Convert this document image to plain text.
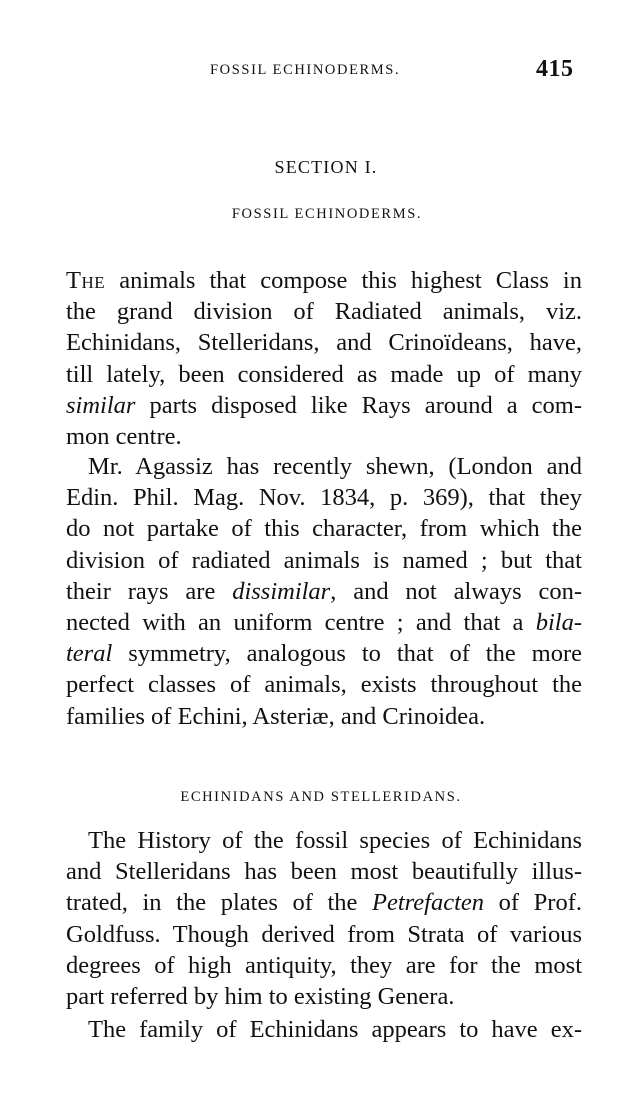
FOSSIL ECHINODERMS.	415
SECTION I.
FOSSIL ECHINODERMS.
The animals that compose this highest Class in
the grand division of Radiated animals, viz.
Echinidans, Stelleridans, and Crinoïdeans, have,
till lately, been considered as made up of many
similar parts disposed like Rays around a com-
mon centre.
Mr. Agassiz has recently shewn, (London and
Edin. Phil. Mag. Nov. 1834, p. 369), that they
do not partake of this character, from which the
division of radiated animals is named ; but that
their rays are dissimilar, and not always con-
nected with an uniform centre ; and that a bila-
teral symmetry, analogous to that of the more
perfect classes of animals, exists throughout the
families of Echini, Asteriæ, and Crinoidea.
ECHINIDANS AND STELLERIDANS.
The History of the fossil species of Echinidans
and Stelleridans has been most beautifully illus-
trated, in the plates of the Petrefacten of Prof.
Goldfuss. Though derived from Strata of various
degrees of high antiquity, they are for the most
part referred by him to existing Genera.
The family of Echinidans appears to have ex-
